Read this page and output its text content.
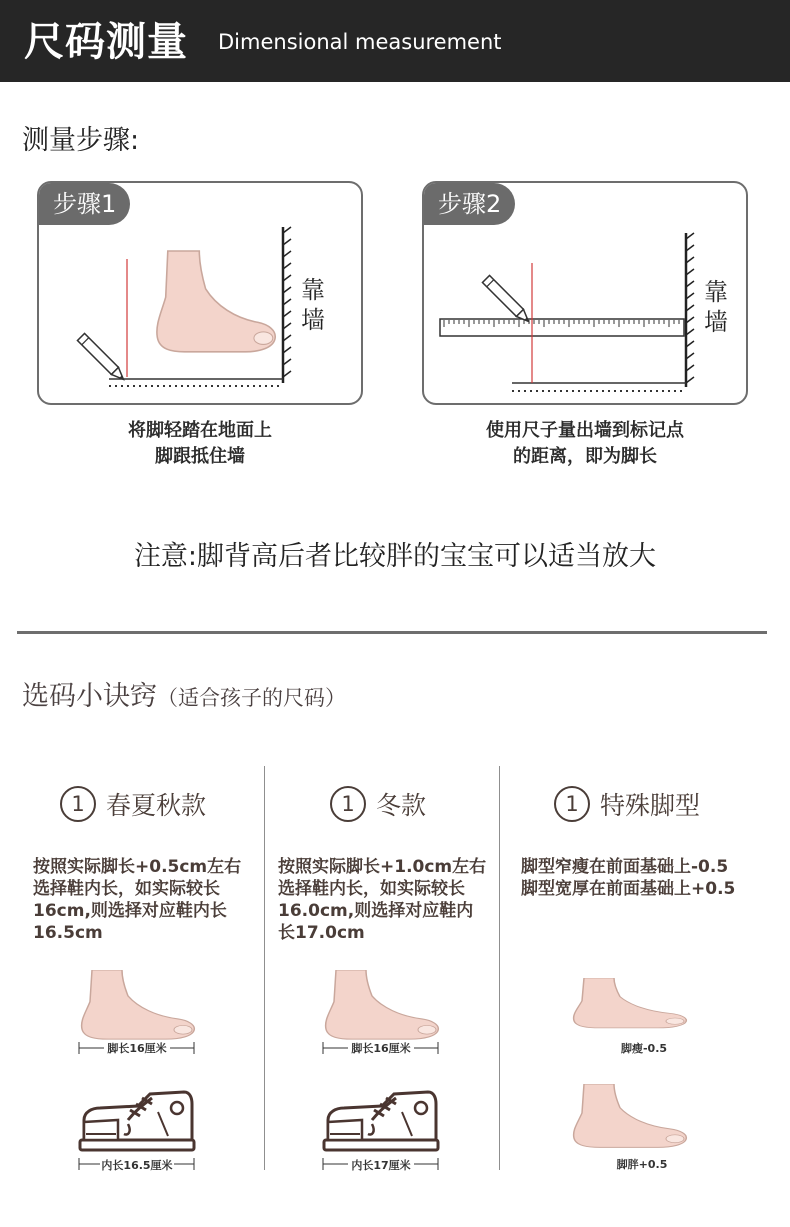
尺码测量 Dimensional measurement
测量步骤:
步骤1
靠
墙
将脚轻踏在地面上
脚跟抵住墙
步骤2
靠
墙
使用尺子量出墙到标记点
的距离，即为脚长
注意:脚背高后者比较胖的宝宝可以适当放大
选码小诀窍（适合孩子的尺码）
1 春夏秋款
按照实际脚长+0.5cm左右
选择鞋内长，如实际较长
16cm,则选择对应鞋内长
16.5cm
脚长16厘米
内长16.5厘米
1 冬款
按照实际脚长+1.0cm左右
选择鞋内长，如实际较长
16.0cm,则选择对应鞋内
长17.0cm
脚长16厘米
内长17厘米
1 特殊脚型
脚型窄瘦在前面基础上-0.5
脚型宽厚在前面基础上+0.5
脚瘦-0.5
脚胖+0.5
